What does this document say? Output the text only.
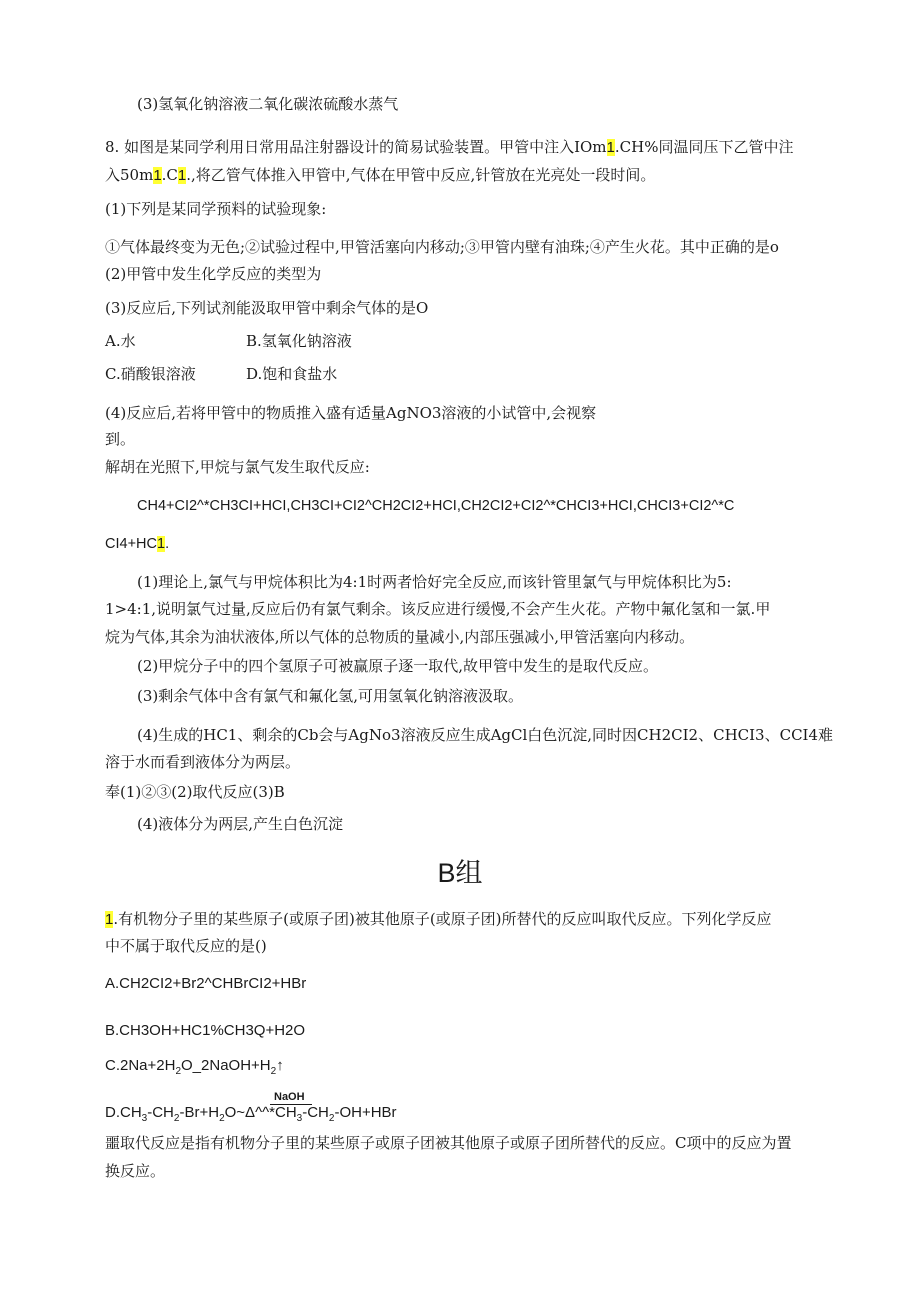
(3)氢氧化钠溶液二氧化碳浓硫酸水蒸气
8. 如图是某同学利用日常用品注射器设计的简易试验装置。甲管中注入IOm1.CH%同温同压下乙管中注
入50m1.C1.,将乙管气体推入甲管中,气体在甲管中反应,针管放在光亮处一段时间。
(1)下列是某同学预料的试验现象:
①气体最终变为无色;②试验过程中,甲管活塞向内移动;③甲管内壁有油珠;④产生火花。其中正确的是o
(2)甲管中发生化学反应的类型为
(3)反应后,下列试剂能汲取甲管中剩余气体的是O
A.水	B.氢氧化钠溶液
C.硝酸银溶液	D.饱和食盐水
(4)反应后,若将甲管中的物质推入盛有适量AgNO3溶液的小试管中,会视察
到。
解胡在光照下,甲烷与氯气发生取代反应:
CH4+CI2^*CH3CI+HCI,CH3CI+CI2^CH2CI2+HCI,CH2CI2+CI2^*CHCI3+HCI,CHCI3+CI2^*C
CI4+HC1.
(1)理论上,氯气与甲烷体积比为4:1时两者恰好完全反应,而该针管里氯气与甲烷体积比为5:
1>4:1,说明氯气过量,反应后仍有氯气剩余。该反应进行缓慢,不会产生火花。产物中氟化氢和一氯.甲
烷为气体,其余为油状液体,所以气体的总物质的量减小,内部压强减小,甲管活塞向内移动。
(2)甲烷分子中的四个氢原子可被赢原子逐一取代,故甲管中发生的是取代反应。
(3)剩余气体中含有氯气和氟化氢,可用氢氧化钠溶液汲取。
(4)生成的HC1、剩余的Cb会与AgNo3溶液反应生成AgCl白色沉淀,同时因CH2CI2、CHCI3、CCI4难
溶于水而看到液体分为两层。
奉(1)②③(2)取代反应(3)B
(4)液体分为两层,产生白色沉淀
B组
1.有机物分子里的某些原子(或原子团)被其他原子(或原子团)所替代的反应叫取代反应。下列化学反应
中不属于取代反应的是()
A.CH2CI2+Br2^CHBrCI2+HBr
B.CH3OH+HC1%CH3Q+H2O
$C.2Na+2H_2O\_2NaOH+H_2↑$
NaOH
$D.CH_3-CH_2-Br+H_2O\sim\Delta\^{}\^{}*CH_3-CH_2-OH+HBr$
噩取代反应是指有机物分子里的某些原子或原子团被其他原子或原子团所替代的反应。C项中的反应为置
换反应。
